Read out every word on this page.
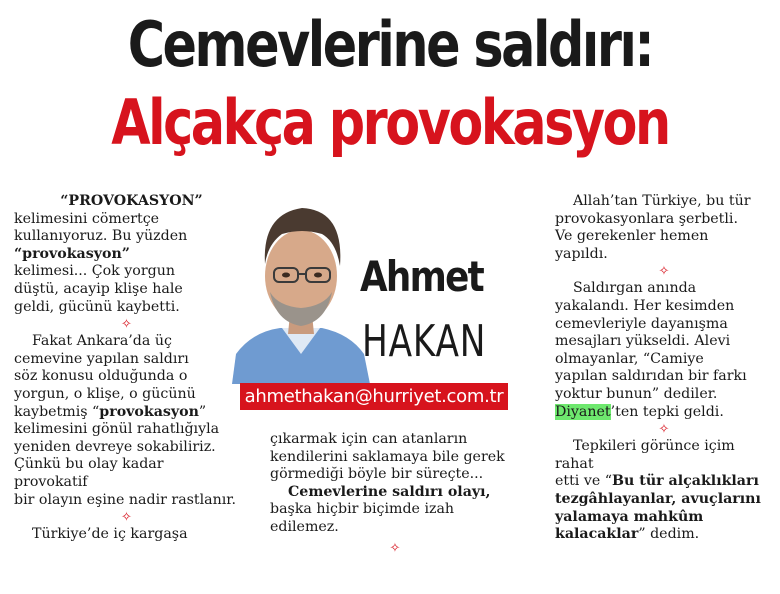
Cemevlerine saldırı:
Alçakça provokasyon

“PROVOKASYON”

kelimesini cömertçe

kullanıyoruz. Bu yüzden

“provokasyon”

kelimesi... Çok yorgun

düştü, acayip klişe hale

geldi, gücünü kaybetti.

✧

Fakat Ankara’da üç

cemevine yapılan saldırı

söz konusu olduğunda o

yorgun, o klişe, o gücünü

kaybetmiş “provokasyon”

kelimesini gönül rahatlığıyla

yeniden devreye sokabiliriz.

Çünkü bu olay kadar provokatif

bir olayın eşine nadir rastlanır.

✧

Türkiye’de iç kargaşa

Ahmet
HAKAN
ahmethakan@hurriyet.com.tr

çıkarmak için can atanların

kendilerini saklamaya bile gerek

görmediği böyle bir süreçte...

Cemevlerine saldırı olayı,

başka hiçbir biçimde izah

edilemez.

✧

Allah’tan Türkiye, bu tür

provokasyonlara şerbetli.

Ve gerekenler hemen

yapıldı.

✧

Saldırgan anında

yakalandı. Her kesimden

cemevleriyle dayanışma

mesajları yükseldi. Alevi

olmayanlar, “Camiye

yapılan saldırıdan bir farkı

yoktur bunun” dediler.

Diyanet’ten tepki geldi.

✧

Tepkileri görünce içim rahat

etti ve “Bu tür alçaklıkları

tezgâhlayanlar, avuçlarını

yalamaya mahkûm

kalacaklar” dedim.
